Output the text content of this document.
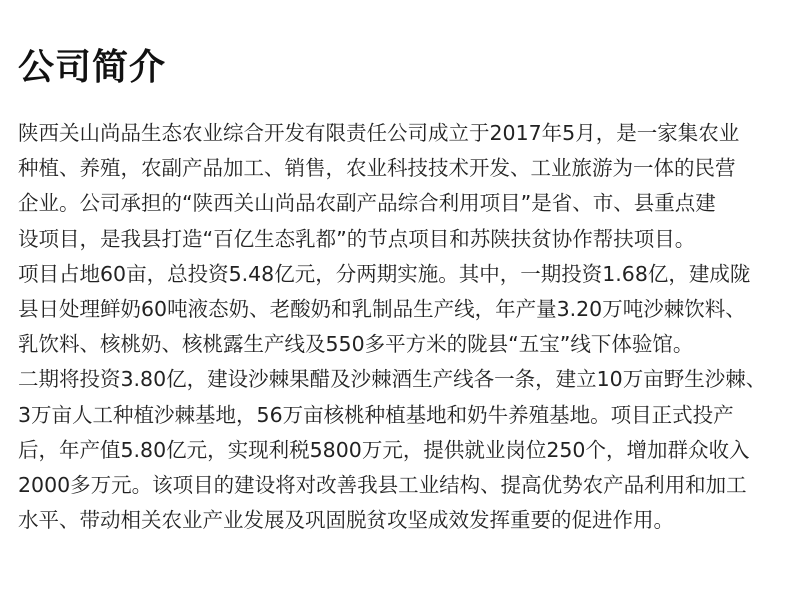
公司简介
陕西关山尚品生态农业综合开发有限责任公司成立于2017年5月，是一家集农业
种植、养殖，农副产品加工、销售，农业科技技术开发、工业旅游为一体的民营
企业。公司承担的“陕西关山尚品农副产品综合利用项目”是省、市、县重点建
设项目，是我县打造“百亿生态乳都”的节点项目和苏陕扶贫协作帮扶项目。
项目占地60亩，总投资5.48亿元，分两期实施。其中，一期投资1.68亿，建成陇
县日处理鲜奶60吨液态奶、老酸奶和乳制品生产线，年产量3.20万吨沙棘饮料、
乳饮料、核桃奶、核桃露生产线及550多平方米的陇县“五宝”线下体验馆。
二期将投资3.80亿，建设沙棘果醋及沙棘酒生产线各一条，建立10万亩野生沙棘、
3万亩人工种植沙棘基地，56万亩核桃种植基地和奶牛养殖基地。项目正式投产
后，年产值5.80亿元，实现利税5800万元，提供就业岗位250个，增加群众收入
2000多万元。该项目的建设将对改善我县工业结构、提高优势农产品利用和加工
水平、带动相关农业产业发展及巩固脱贫攻坚成效发挥重要的促进作用。
